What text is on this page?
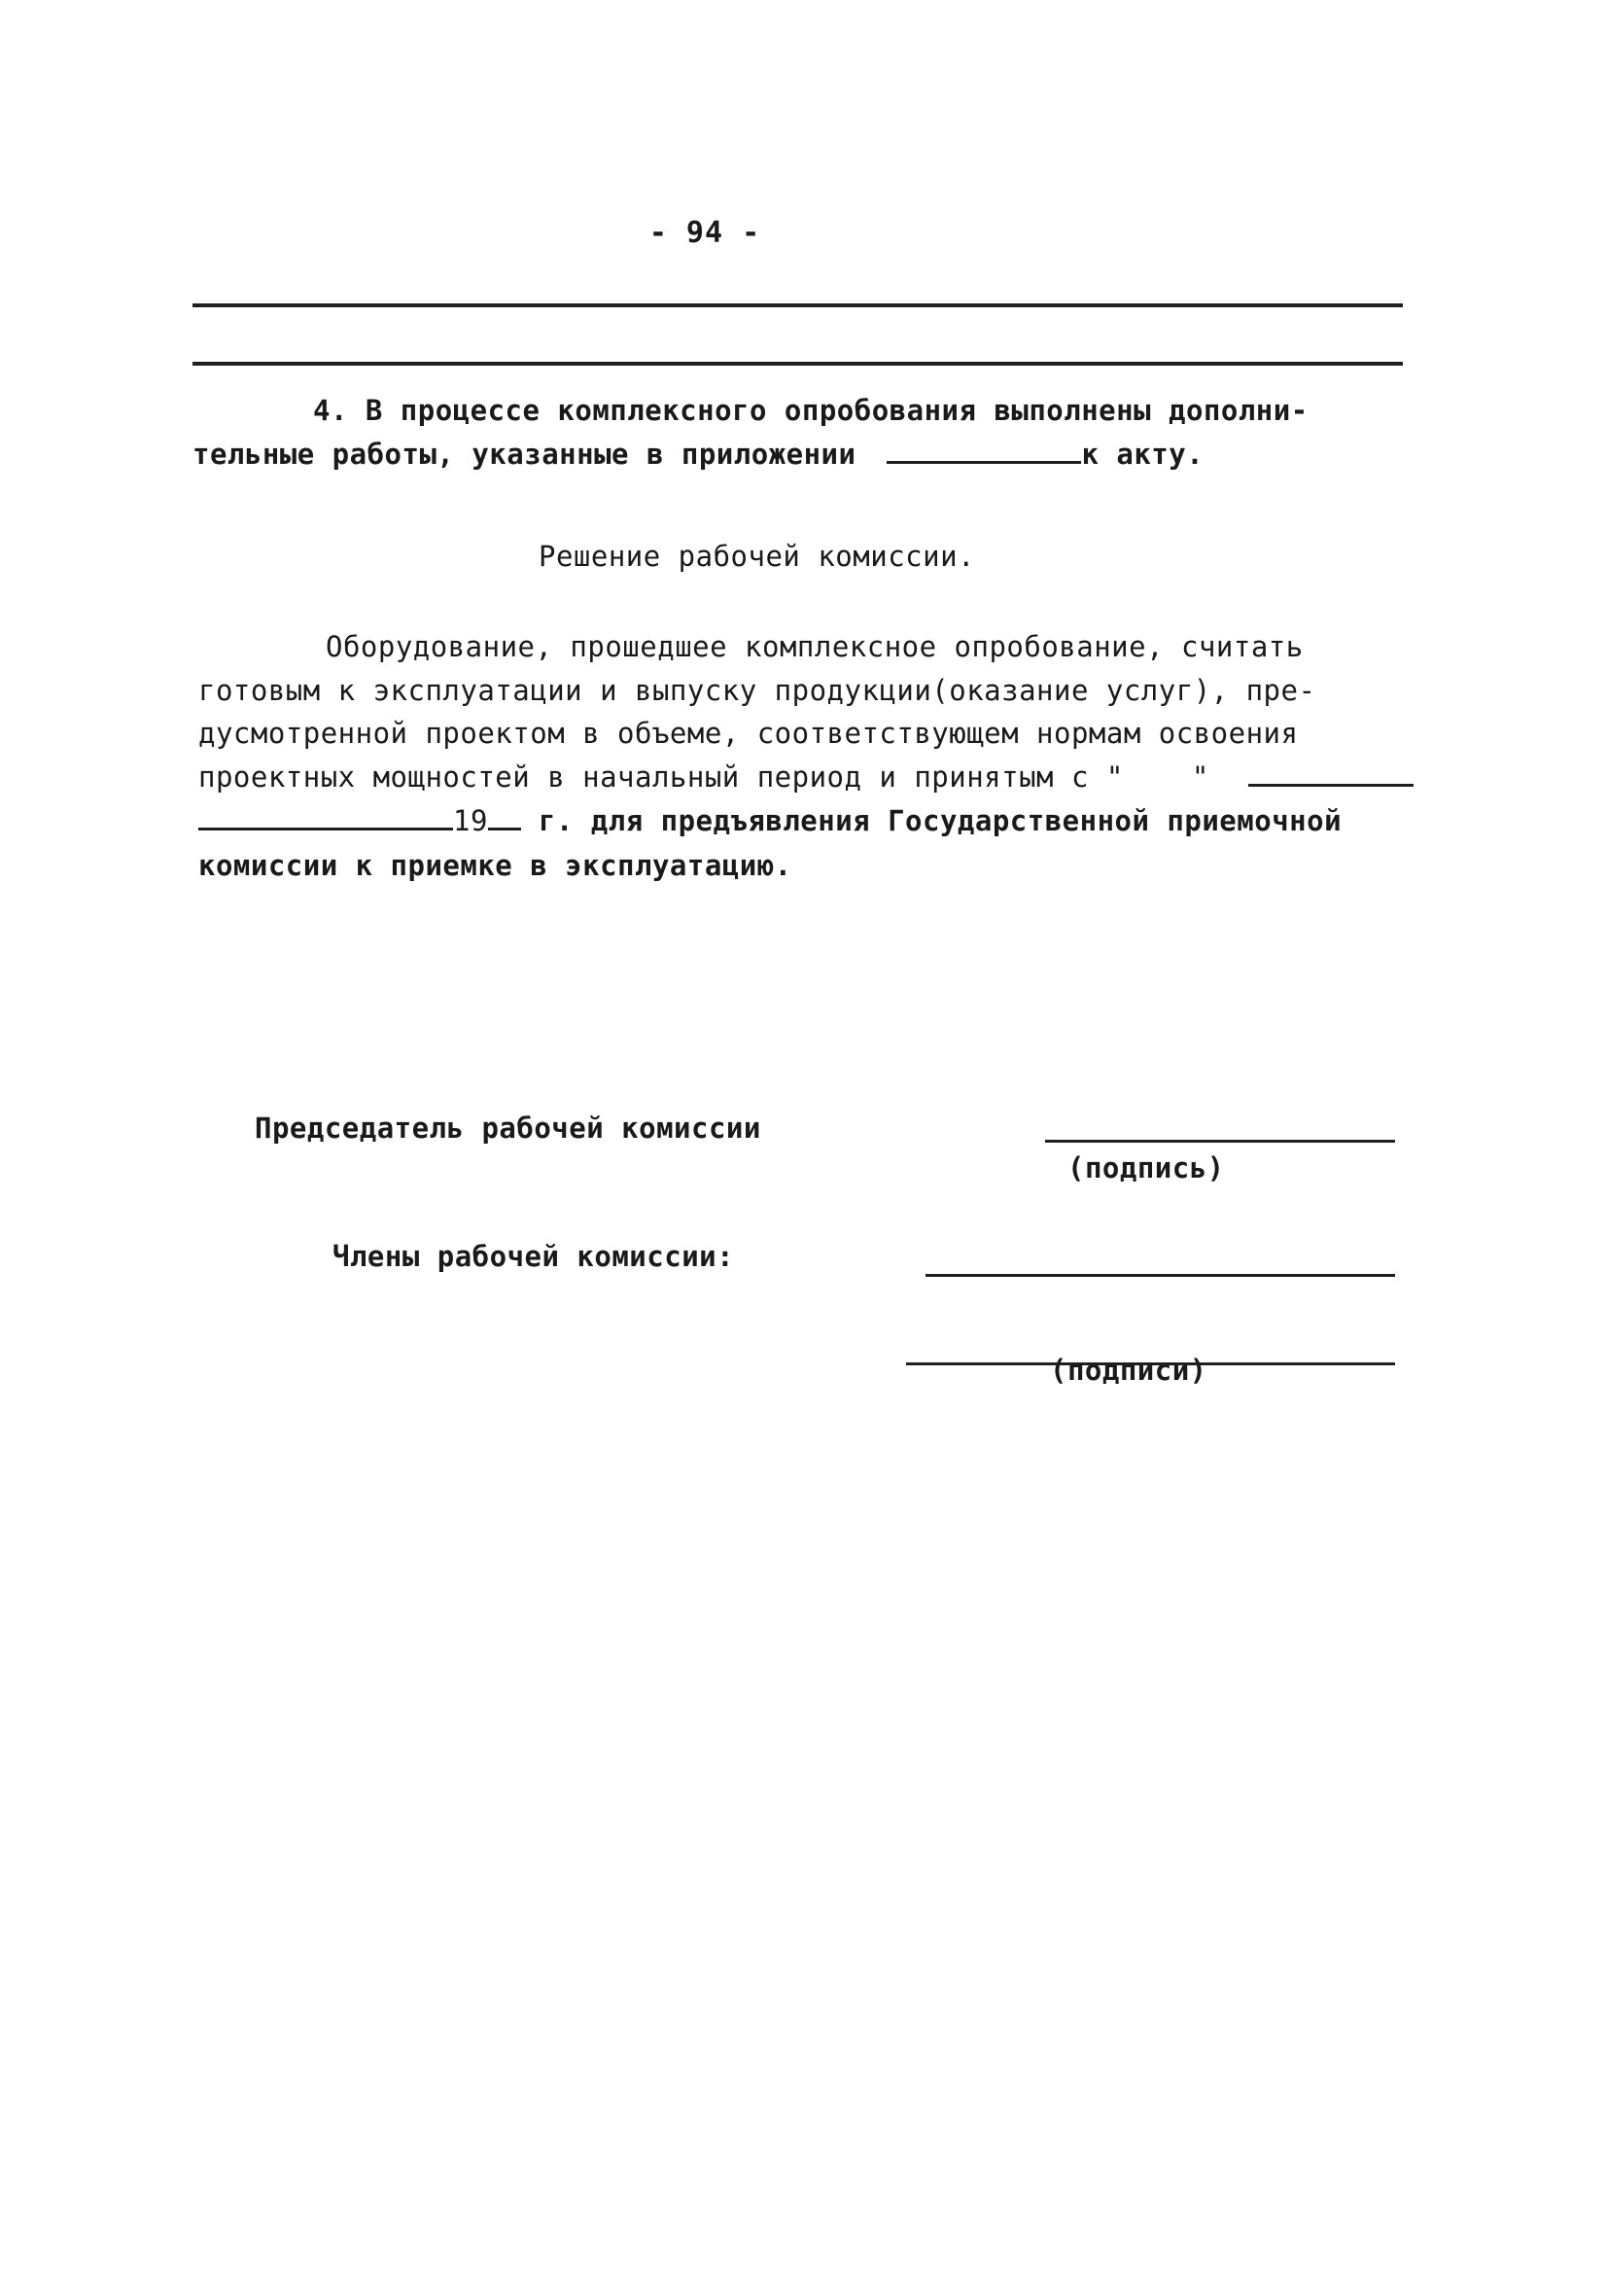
- 94 -
4. В процессе комплексного опробования выполнены дополни-
тельные работы, указанные в приложении	к акту.
Решение рабочей комиссии.
Оборудование, прошедшее комплексное опробование, считать
готовым к эксплуатации и выпуску продукции(оказание услуг), пре-
дусмотренной проектом в объеме, соответствующем нормам освоения
проектных мощностей в начальный период и принятым с " "
19 г. для предъявления Государственной приемочной
комиссии к приемке в эксплуатацию.
Председатель рабочей комиссии
(подпись)
Члены рабочей комиссии:
(подписи)
